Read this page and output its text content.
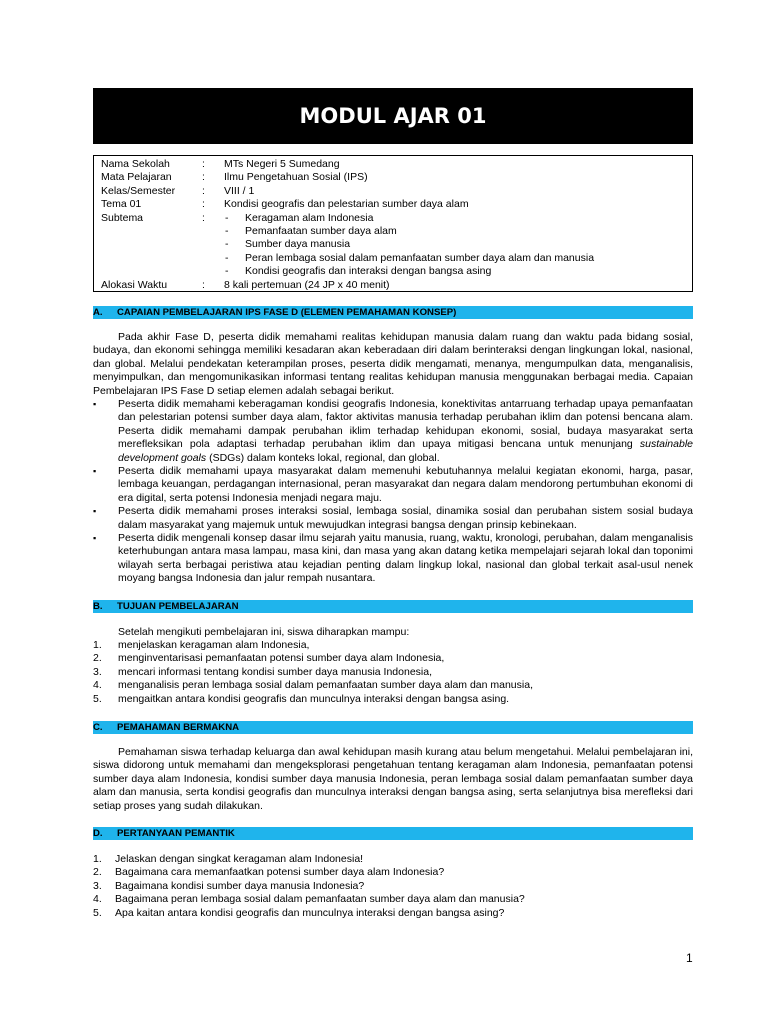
MODUL AJAR 01
Nama Sekolah	: MTs Negeri 5 Sumedang
Mata Pelajaran	: Ilmu Pengetahuan Sosial (IPS)
Kelas/Semester	: VIII / 1
Tema 01	: Kondisi geografis dan pelestarian sumber daya alam
Subtema	: - Keragaman alam Indonesia
- Pemanfaatan sumber daya alam
- Sumber daya manusia
- Peran lembaga sosial dalam pemanfaatan sumber daya alam dan manusia
- Kondisi geografis dan interaksi dengan bangsa asing
Alokasi Waktu	: 8 kali pertemuan (24 JP x 40 menit)
A. CAPAIAN PEMBELAJARAN IPS FASE D (ELEMEN PEMAHAMAN KONSEP)

Pada akhir Fase D, peserta didik memahami realitas kehidupan manusia dalam ruang dan waktu pada bidang sosial, budaya, dan ekonomi sehingga memiliki kesadaran akan keberadaan diri dalam berinteraksi dengan lingkungan lokal, nasional, dan global. Melalui pendekatan keterampilan proses, peserta didik mengamati, menanya, mengumpulkan data, menganalisis, menyimpulkan, dan mengomunikasikan informasi tentang realitas kehidupan manusia menggunakan berbagai media. Capaian Pembelajaran IPS Fase D setiap elemen adalah sebagai berikut.

▪ Peserta didik memahami keberagaman kondisi geografis Indonesia, konektivitas antarruang terhadap upaya pemanfaatan dan pelestarian potensi sumber daya alam, faktor aktivitas manusia terhadap perubahan iklim dan potensi bencana alam. Peserta didik memahami dampak perubahan iklim terhadap kehidupan ekonomi, sosial, budaya masyarakat serta merefleksikan pola adaptasi terhadap perubahan iklim dan upaya mitigasi bencana untuk menunjang sustainable development goals (SDGs) dalam konteks lokal, regional, dan global.
▪ Peserta didik memahami upaya masyarakat dalam memenuhi kebutuhannya melalui kegiatan ekonomi, harga, pasar, lembaga keuangan, perdagangan internasional, peran masyarakat dan negara dalam mendorong pertumbuhan ekonomi di era digital, serta potensi Indonesia menjadi negara maju.
▪ Peserta didik memahami proses interaksi sosial, lembaga sosial, dinamika sosial dan perubahan sistem sosial budaya dalam masyarakat yang majemuk untuk mewujudkan integrasi bangsa dengan prinsip kebinekaan.
▪ Peserta didik mengenali konsep dasar ilmu sejarah yaitu manusia, ruang, waktu, kronologi, perubahan, dalam menganalisis keterhubungan antara masa lampau, masa kini, dan masa yang akan datang ketika mempelajari sejarah lokal dan toponimi wilayah serta berbagai peristiwa atau kejadian penting dalam lingkup lokal, nasional dan global terkait asal-usul nenek moyang bangsa Indonesia dan jalur rempah nusantara.
B. TUJUAN PEMBELAJARAN

Setelah mengikuti pembelajaran ini, siswa diharapkan mampu:

1. menjelaskan keragaman alam Indonesia,
2. menginventarisasi pemanfaatan potensi sumber daya alam Indonesia,
3. mencari informasi tentang kondisi sumber daya manusia Indonesia,
4. menganalisis peran lembaga sosial dalam pemanfaatan sumber daya alam dan manusia,
5. mengaitkan antara kondisi geografis dan munculnya interaksi dengan bangsa asing.
C. PEMAHAMAN BERMAKNA

Pemahaman siswa terhadap keluarga dan awal kehidupan masih kurang atau belum mengetahui. Melalui pembelajaran ini, siswa didorong untuk memahami dan mengeksplorasi pengetahuan tentang keragaman alam Indonesia, pemanfaatan potensi sumber daya alam Indonesia, kondisi sumber daya manusia Indonesia, peran lembaga sosial dalam pemanfaatan sumber daya alam dan manusia, serta kondisi geografis dan munculnya interaksi dengan bangsa asing, serta selanjutnya bisa merefleksi dari setiap proses yang sudah dilakukan.

D. PERTANYAAN PEMANTIK
1. Jelaskan dengan singkat keragaman alam Indonesia!
2. Bagaimana cara memanfaatkan potensi sumber daya alam Indonesia?
3. Bagaimana kondisi sumber daya manusia Indonesia?
4. Bagaimana peran lembaga sosial dalam pemanfaatan sumber daya alam dan manusia?
5. Apa kaitan antara kondisi geografis dan munculnya interaksi dengan bangsa asing?
1
